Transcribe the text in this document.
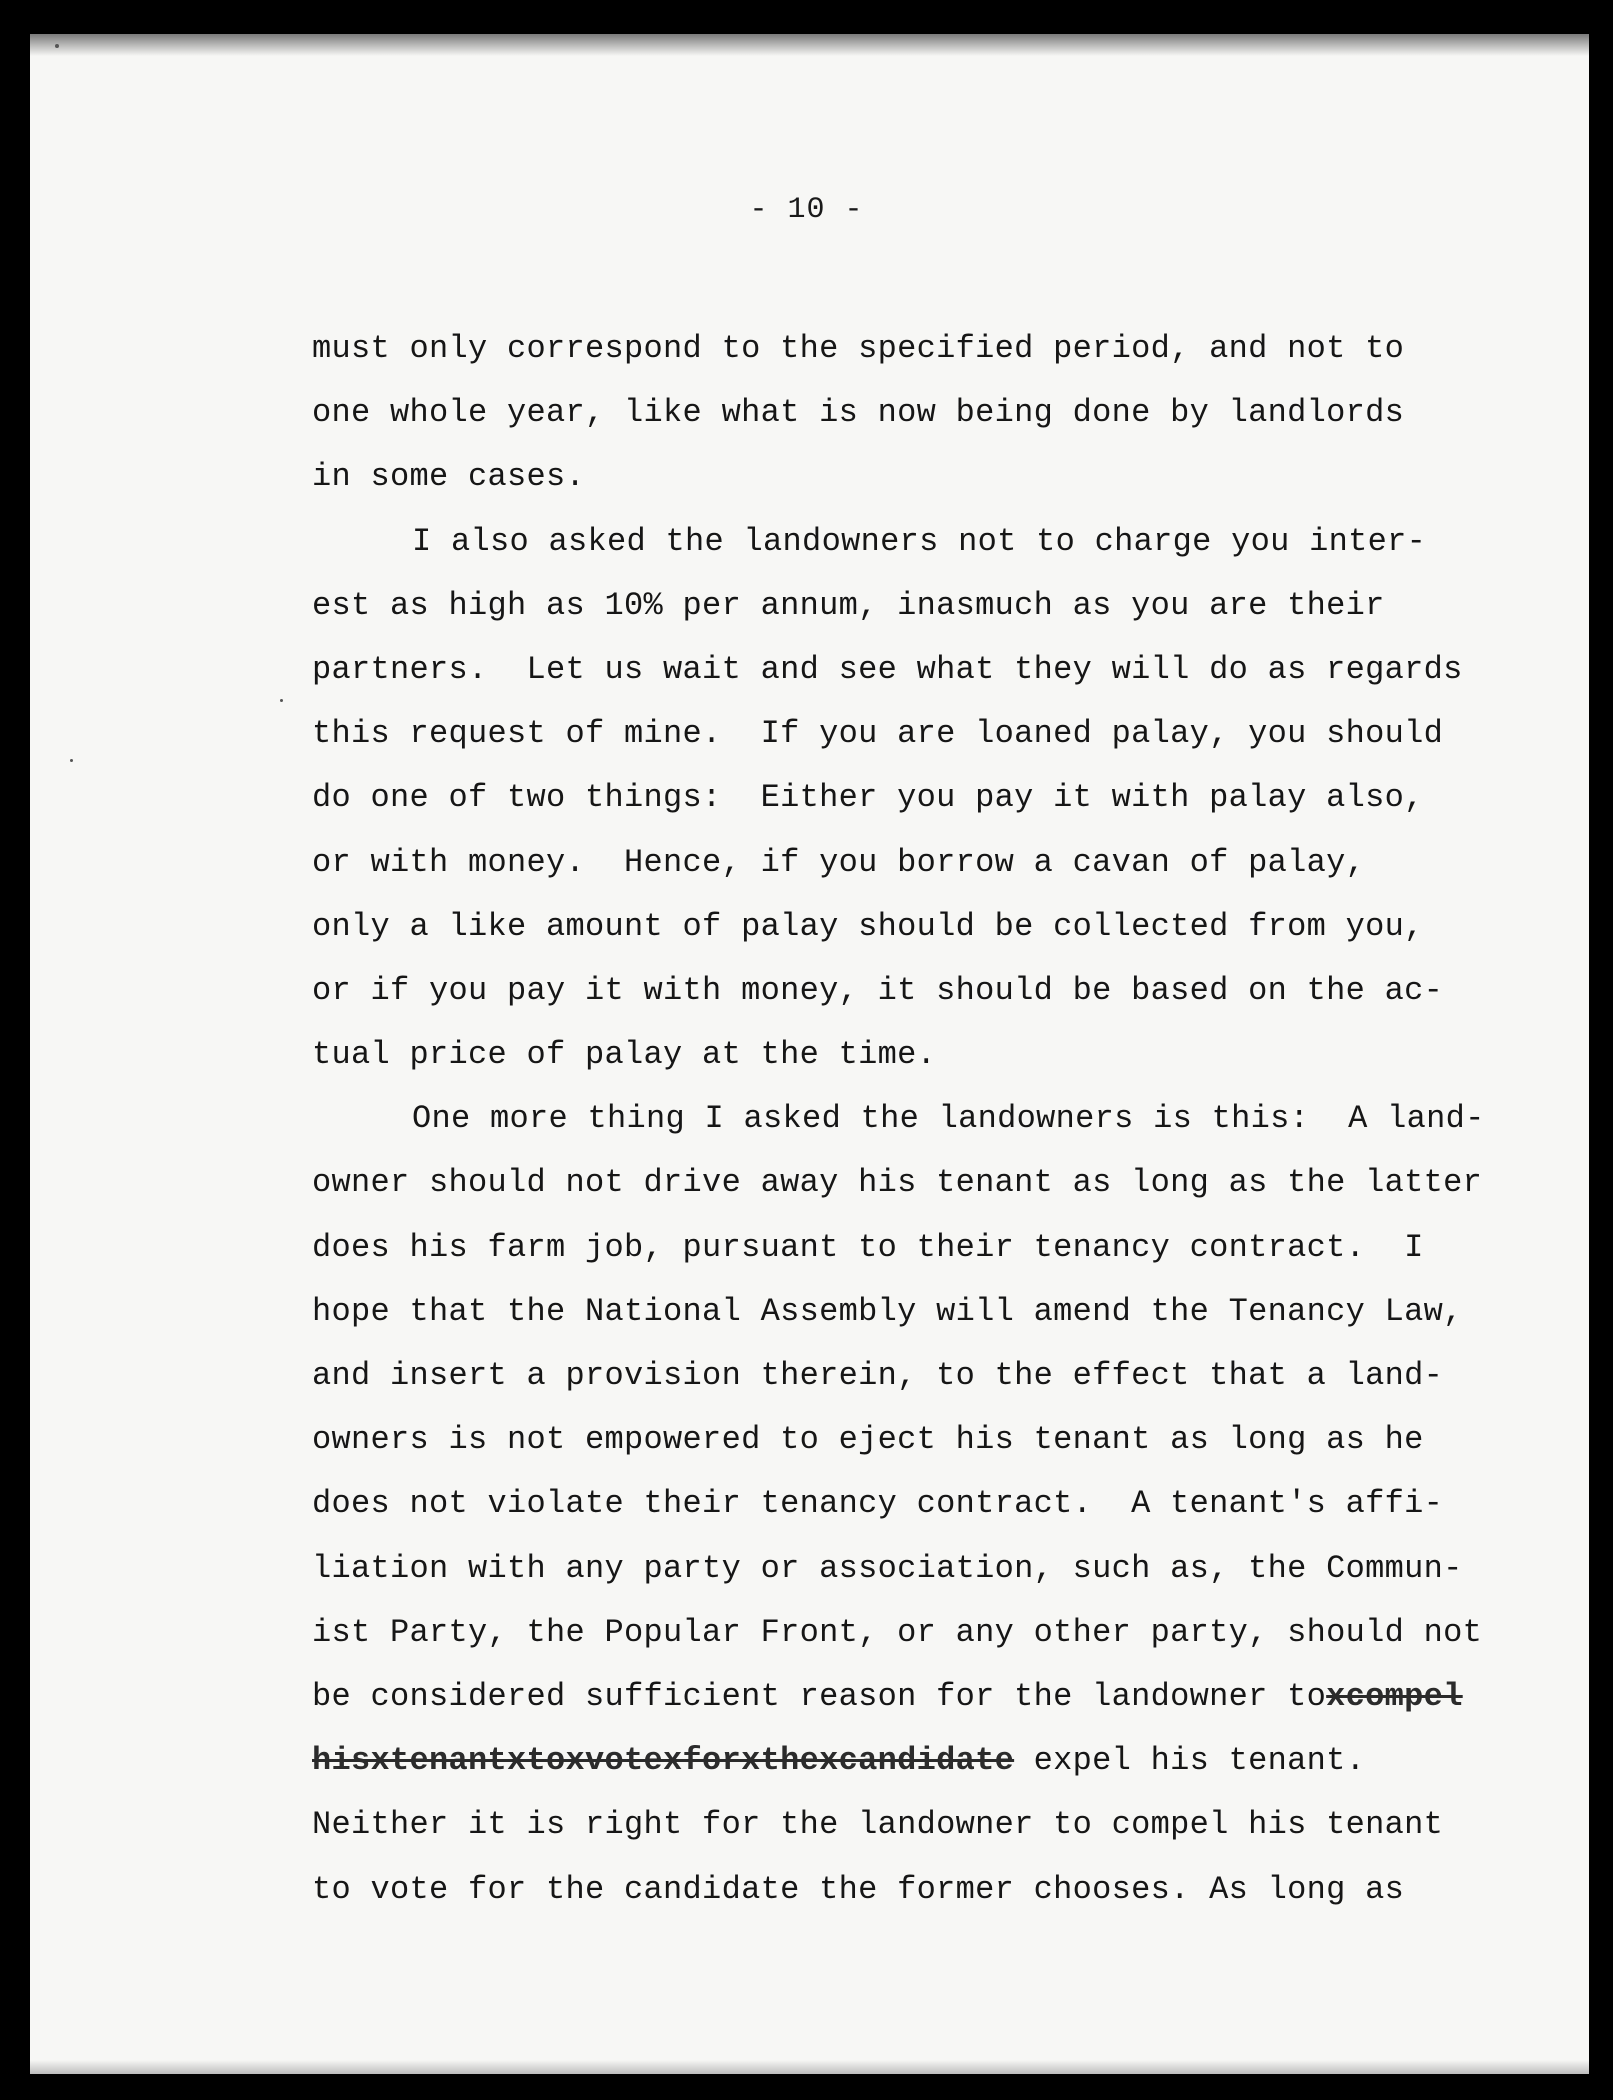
- 10 -
must only correspond to the specified period, and not to
one whole year, like what is now being done by landlords
in some cases.
I also asked the landowners not to charge you inter-
est as high as 10% per annum, inasmuch as you are their
partners.  Let us wait and see what they will do as regards
this request of mine.  If you are loaned palay, you should
do one of two things:  Either you pay it with palay also,
or with money.  Hence, if you borrow a cavan of palay,
only a like amount of palay should be collected from you,
or if you pay it with money, it should be based on the ac-
tual price of palay at the time.
One more thing I asked the landowners is this:  A land-
owner should not drive away his tenant as long as the latter
does his farm job, pursuant to their tenancy contract.  I
hope that the National Assembly will amend the Tenancy Law,
and insert a provision therein, to the effect that a land-
owners is not empowered to eject his tenant as long as he
does not violate their tenancy contract.  A tenant's affi-
liation with any party or association, such as, the Commun-
ist Party, the Popular Front, or any other party, should not
be considered sufficient reason for the landowner toxcompel
hisxtenantxtoxvotexforxthexcandidate expel his tenant.
Neither it is right for the landowner to compel his tenant
to vote for the candidate the former chooses. As long as
